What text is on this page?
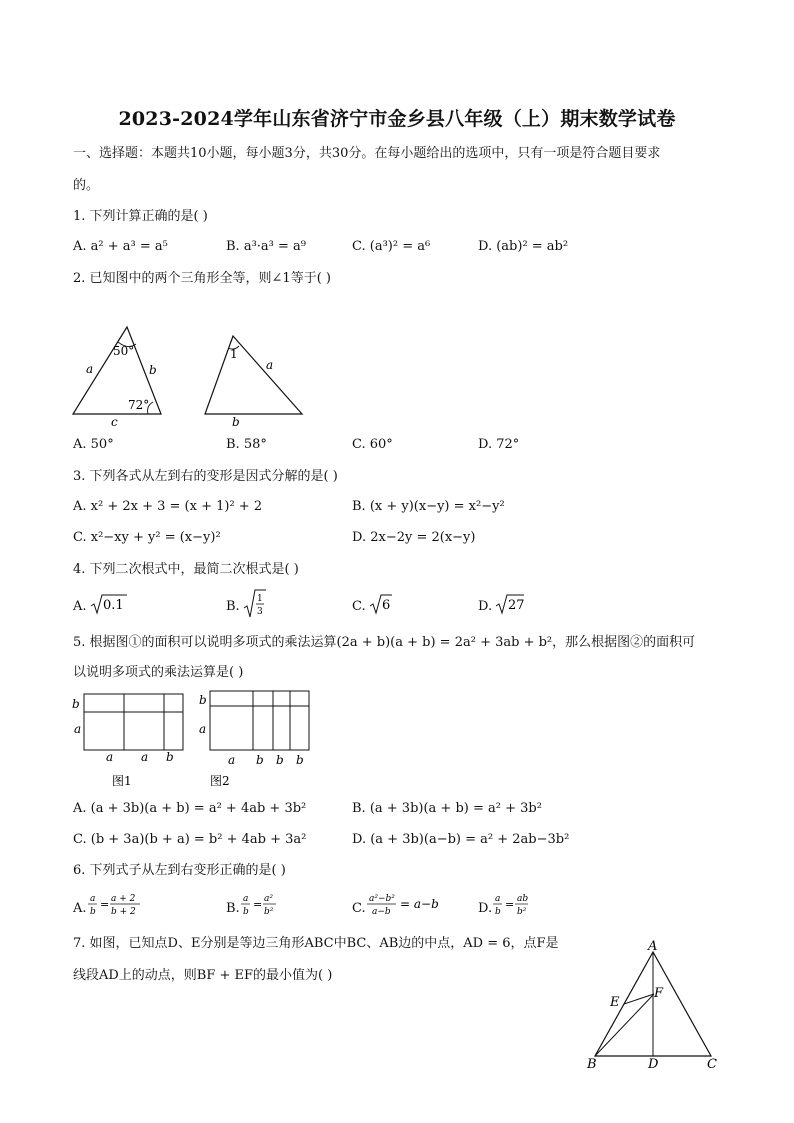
2023-2024学年山东省济宁市金乡县八年级（上）期末数学试卷
一、选择题：本题共10小题，每小题3分，共30分。在每小题给出的选项中，只有一项是符合题目要求
的。
1. 下列计算正确的是( )
A. a² + a³ = a⁵	B. a³·a³ = a⁹	C. (a³)² = a⁶	D. (ab)² = ab²
2. 已知图中的两个三角形全等，则∠1等于( )
50°
72°
a	b
c
1
a
b
A. 50°	B. 58°	C. 60°	D. 72°
3. 下列各式从左到右的变形是因式分解的是( )
A. x² + 2x + 3 = (x + 1)² + 2	B. (x + y)(x−y) = x²−y²
C. x²−xy + y² = (x−y)²	D. 2x−2y = 2(x−y)
4. 下列二次根式中，最简二次根式是( )
A. 0.1	B. 1
3	C. 6	D. 27
5. 根据图①的面积可以说明多项式的乘法运算(2a + b)(a + b) = 2a² + 3ab + b²，那么根据图②的面积可
以说明多项式的乘法运算是( )
b
a
a a b
图1
b
a
a b b b
图2
A. (a + 3b)(a + b) = a² + 4ab + 3b²	B. (a + 3b)(a + b) = a² + 3b²
C. (b + 3a)(b + a) = b² + 4ab + 3a²	D. (a + 3b)(a−b) = a² + 2ab−3b²
6. 下列式子从左到右变形正确的是( )
A.
a
b
= a + 2
b + 2	B.
a
b
= a²
b²	C.
a²−b²
a−b
= a−b	D.
a
b
= ab
b²
7. 如图，已知点D、E分别是等边三角形ABC中BC、AB边的中点，AD = 6，点F是
线段AD上的动点，则BF + EF的最小值为( )
A
B	C
D
E
F
